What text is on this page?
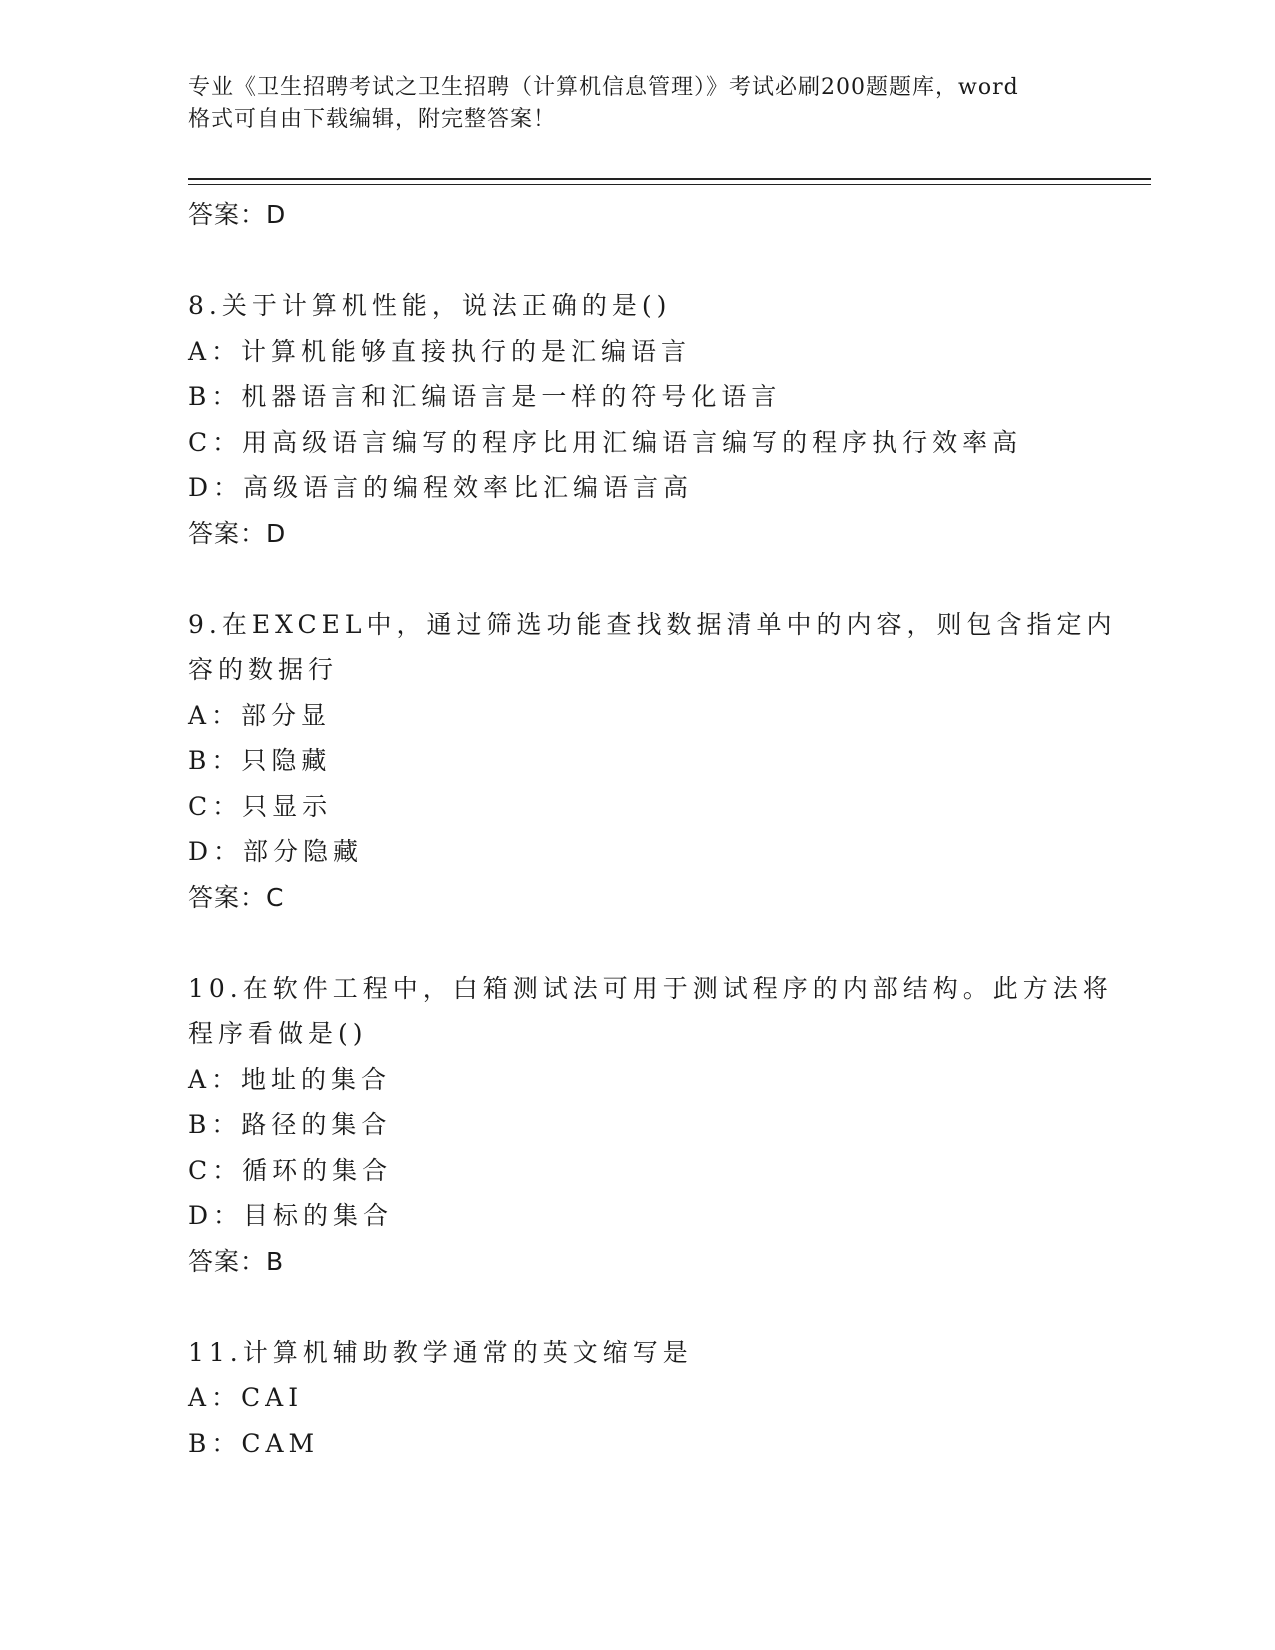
专业《卫生招聘考试之卫生招聘（计算机信息管理）》考试必刷200题题库，word
格式可自由下载编辑，附完整答案！
答案：D
8.关于计算机性能，说法正确的是()
A：计算机能够直接执行的是汇编语言
B：机器语言和汇编语言是一样的符号化语言
C：用高级语言编写的程序比用汇编语言编写的程序执行效率高
D：高级语言的编程效率比汇编语言高
答案：D
9.在EXCEL中，通过筛选功能查找数据清单中的内容，则包含指定内
容的数据行
A：部分显
B：只隐藏
C：只显示
D：部分隐藏
答案：C
10.在软件工程中，白箱测试法可用于测试程序的内部结构。此方法将
程序看做是()
A：地址的集合
B：路径的集合
C：循环的集合
D：目标的集合
答案：B
11.计算机辅助教学通常的英文缩写是
A：CAI
B：CAM
